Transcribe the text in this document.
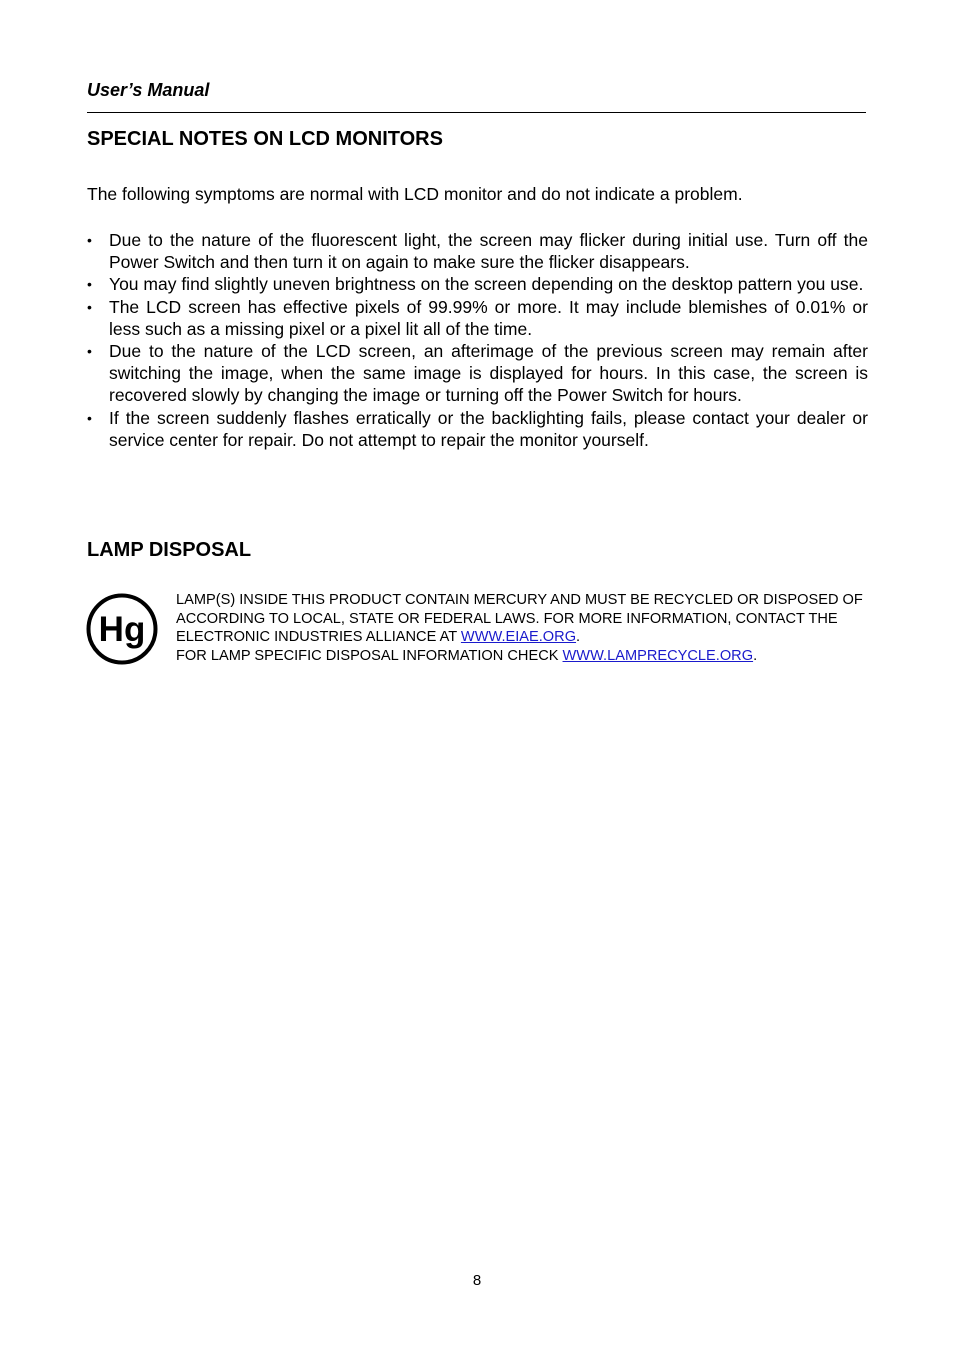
User’s Manual
SPECIAL NOTES ON LCD MONITORS

The following symptoms are normal with LCD monitor and do not indicate a problem.

• Due to the nature of the fluorescent light, the screen may flicker during initial use. Turn off the Power Switch and then turn it on again to make sure the flicker disappears.
• You may find slightly uneven brightness on the screen depending on the desktop pattern you use.
• The LCD screen has effective pixels of 99.99% or more. It may include blemishes of 0.01% or less such as a missing pixel or a pixel lit all of the time.
• Due to the nature of the LCD screen, an afterimage of the previous screen may remain after switching the image, when the same image is displayed for hours. In this case, the screen is recovered slowly by changing the image or turning off the Power Switch for hours.
• If the screen suddenly flashes erratically or the backlighting fails, please contact your dealer or service center for repair. Do not attempt to repair the monitor yourself.
LAMP DISPOSAL
Hg

LAMP(S) INSIDE THIS PRODUCT CONTAIN MERCURY AND MUST BE RECYCLED OR DISPOSED OF ACCORDING TO LOCAL, STATE OR FEDERAL LAWS. FOR MORE INFORMATION, CONTACT THE ELECTRONIC INDUSTRIES ALLIANCE AT WWW.EIAE.ORG.
FOR LAMP SPECIFIC DISPOSAL INFORMATION CHECK WWW.LAMPRECYCLE.ORG.

8
